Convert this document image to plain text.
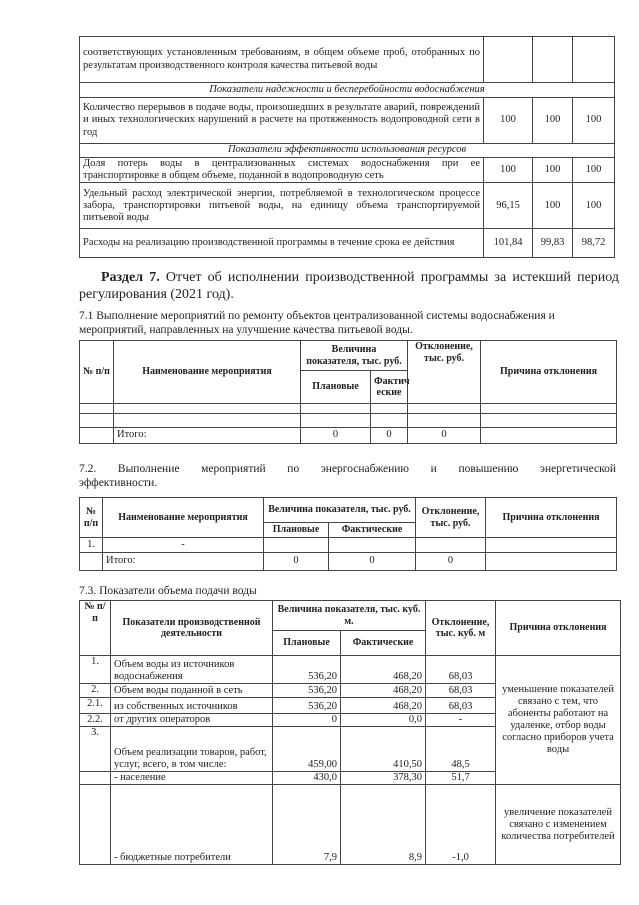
соответствующих установленным требованиям, в общем объеме проб, отобранных по результатам производственного контроля качества питьевой воды			
Показатели надежности и бесперебойности водоснабжения			
Количество перерывов в подаче воды, произошедших в результате аварий, повреждений и иных технологических нарушений в расчете на протяженность водопроводной сети в год	100	100	100
Показатели эффективности использования ресурсов			
Доля потерь воды в централизованных системах водоснабжения при ее транспортировке в общем объеме, поданной в водопроводную сеть	100	100	100
Удельный расход электрической энергии, потребляемой в технологическом процессе забора, транспортировки питьевой воды, на единицу объема транспортируемой питьевой воды	96,15	100	100
Расходы на реализацию производственной программы в течение срока ее действия	101,84	99,83	98,72
Раздел 7. Отчет об исполнении производственной программы за истекший период регулирования (2021 год).
7.1 Выполнение мероприятий по ремонту объектов централизованной системы водоснабжения и мероприятий, направленных на улучшение качества питьевой воды.
№ п/п	Наименование мероприятия	Величина показателя, тыс. руб.		Отклонение, тыс. руб.	Причина отклонения
		Плановые	Фактич еские		

	Итого:	0	0	0	
7.2. Выполнение мероприятий по энергоснабжению и повышению энергетической эффективности.
№ п/п	Наименование мероприятия	Величина показателя, тыс. руб.		Отклонение, тыс. руб.	Причина отклонения
		Плановые	Фактические		
1.	-				
	Итого:	0	0	0	
7.3. Показатели объема подачи воды
№ п/п	Показатели производственной деятельности	Величина показателя, тыс. куб. м.		Отклонение, тыс. куб. м	Причина отклонения
		Плановые	Фактические		
1.	Объем воды из источников водоснабжения	536,20	468,20	68,03	уменьшение показателей связано с тем, что абоненты работают на удаленке, отбор воды согласно приборов учета воды
2.	Объем воды поданной в сеть	536,20	468,20	68,03	
2.1.	из собственных источников	536,20	468,20	68,03	
2.2.	от других операторов	0	0,0	-	
3.	Объем реализации товаров, работ, услуг, всего, в том числе:	459,00	410,50	48,5	
	- население	430,0	378,30	51,7	
	- бюджетные потребители	7,9	8,9	-1,0	увеличение показателей связано с изменением количества потребителей
